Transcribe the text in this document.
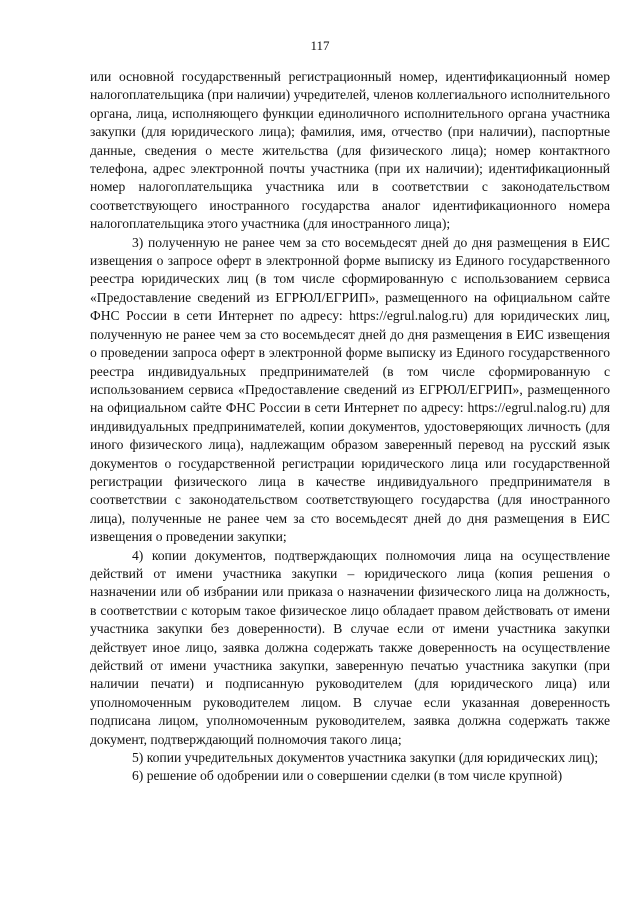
117

или основной государственный регистрационный номер, идентификационный номер налогоплательщика (при наличии) учредителей, членов коллегиального исполнительного органа, лица, исполняющего функции единоличного исполнительного органа участника закупки (для юридического лица); фамилия, имя, отчество (при наличии), паспортные данные, сведения о месте жительства (для физического лица); номер контактного телефона, адрес электронной почты участника (при их наличии); идентификационный номер налогоплательщика участника или в соответствии с законодательством соответствующего иностранного государства аналог идентификационного номера налогоплательщика этого участника (для иностранного лица);

3) полученную не ранее чем за сто восемьдесят дней до дня размещения в ЕИС извещения о запросе оферт в электронной форме выписку из Единого государственного реестра юридических лиц (в том числе сформированную с использованием сервиса «Предоставление сведений из ЕГРЮЛ/ЕГРИП», размещенного на официальном сайте ФНС России в сети Интернет по адресу: https://egrul.nalog.ru) для юридических лиц, полученную не ранее чем за сто восемьдесят дней до дня размещения в ЕИС извещения о проведении запроса оферт в электронной форме выписку из Единого государственного реестра индивидуальных предпринимателей (в том числе сформированную с использованием сервиса «Предоставление сведений из ЕГРЮЛ/ЕГРИП», размещенного на официальном сайте ФНС России в сети Интернет по адресу: https://egrul.nalog.ru) для индивидуальных предпринимателей, копии документов, удостоверяющих личность (для иного физического лица), надлежащим образом заверенный перевод на русский язык документов о государственной регистрации юридического лица или государственной регистрации физического лица в качестве индивидуального предпринимателя в соответствии с законодательством соответствующего государства (для иностранного лица), полученные не ранее чем за сто восемьдесят дней до дня размещения в ЕИС извещения о проведении закупки;

4) копии документов, подтверждающих полномочия лица на осуществление действий от имени участника закупки – юридического лица (копия решения о назначении или об избрании или приказа о назначении физического лица на должность, в соответствии с которым такое физическое лицо обладает правом действовать от имени участника закупки без доверенности). В случае если от имени участника закупки действует иное лицо, заявка должна содержать также доверенность на осуществление действий от имени участника закупки, заверенную печатью участника закупки (при наличии печати) и подписанную руководителем (для юридического лица) или уполномоченным руководителем лицом. В случае если указанная доверенность подписана лицом, уполномоченным руководителем, заявка должна содержать также документ, подтверждающий полномочия такого лица;

5) копии учредительных документов участника закупки (для юридических лиц);

6) решение об одобрении или о совершении сделки (в том числе крупной)
